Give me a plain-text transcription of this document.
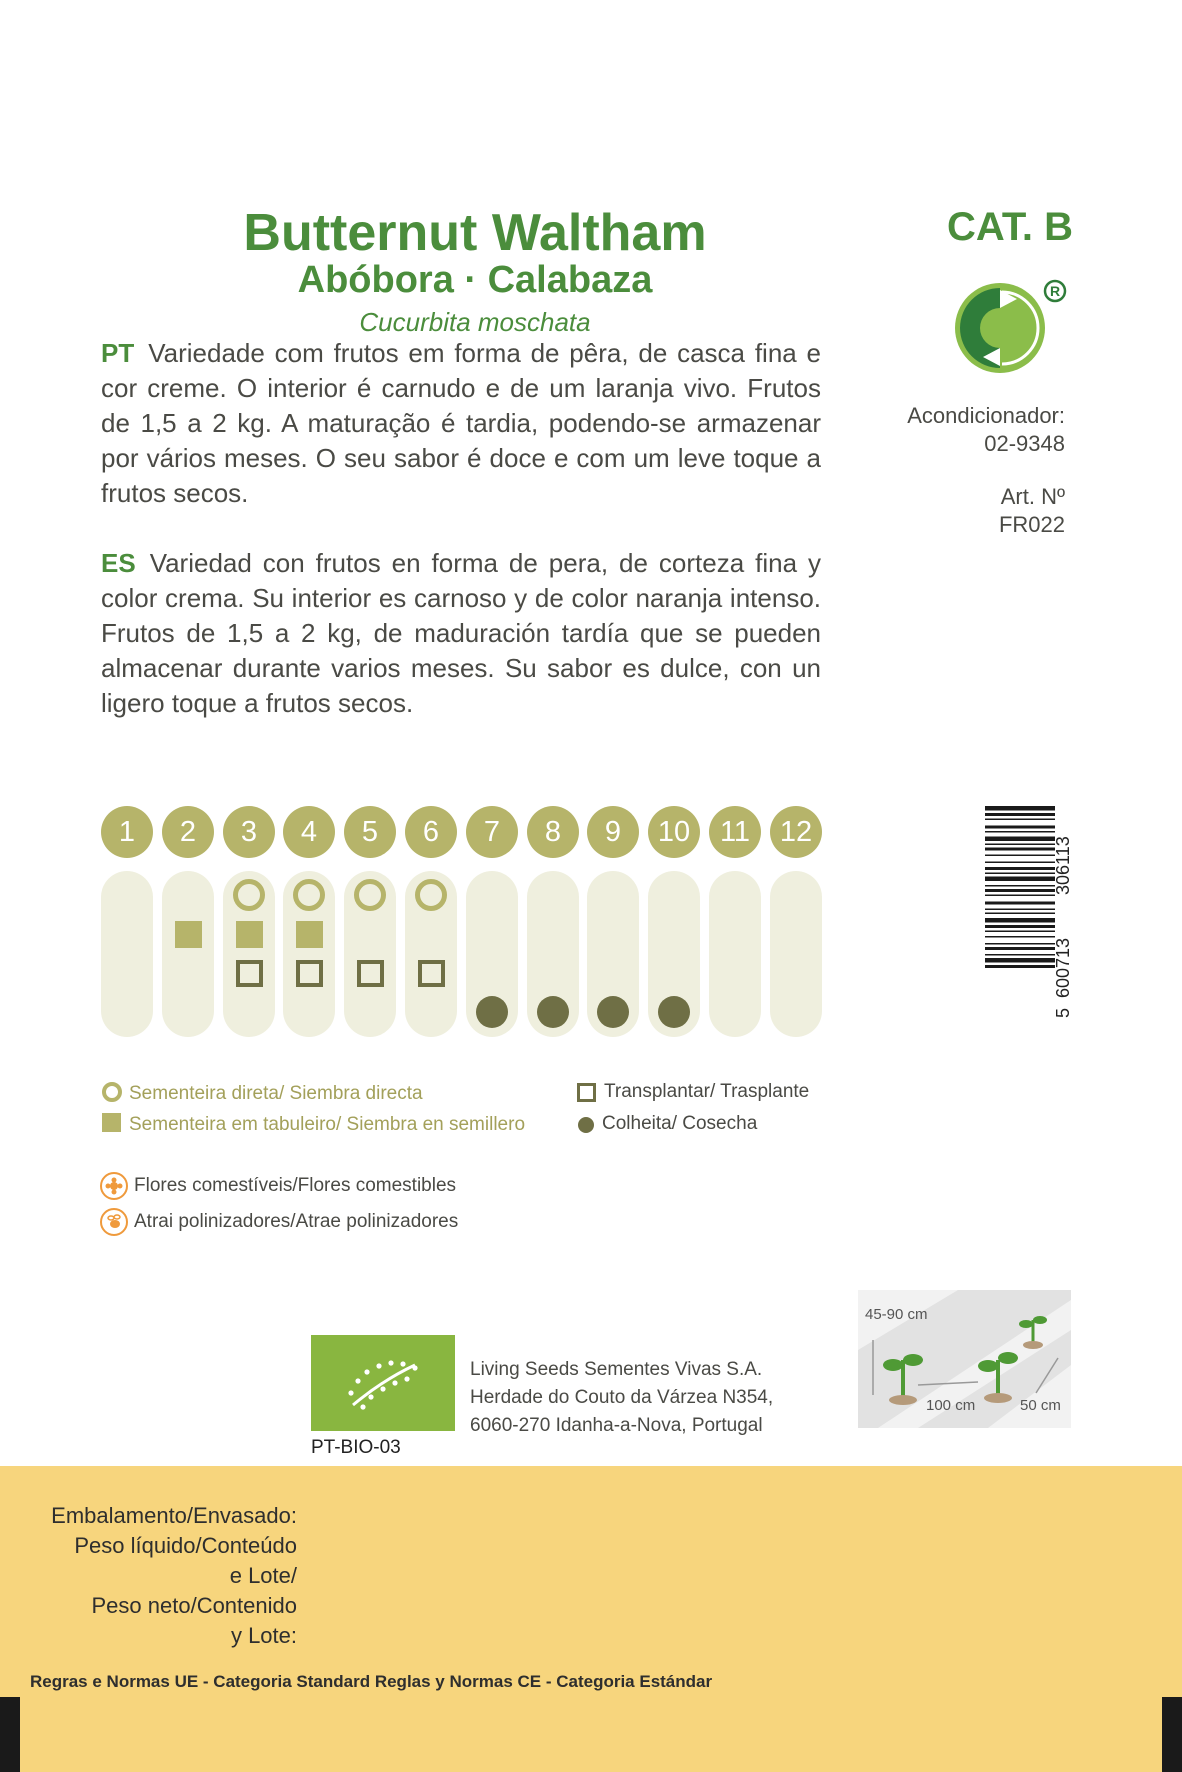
Butternut Waltham
Abóbora · Calabaza
Cucurbita moschata
CAT. B
R
PT Variedade com frutos em forma de pêra, de casca fina e cor creme. O interior é carnudo e de um laranja vivo. Frutos de 1,5 a 2 kg. A maturação é tardia, podendo-se armazenar por vários meses. O seu sabor é doce e com um leve toque a frutos secos.
ES Variedad con frutos en forma de pera, de corteza fina y color crema. Su interior es carnoso y de color naranja intenso. Frutos de 1,5 a 2 kg, de maduración tardía que se pueden almacenar durante varios meses. Su sabor es dulce, con un ligero toque a frutos secos.
Acondicionador:
02-9348
Art. Nº
FR022
1	2	3	4	5	6	7	8	9	10	11	12
Sementeira direta/ Siembra directa
Sementeira em tabuleiro/ Siembra en semillero
Transplantar/ Trasplante
Colheita/ Cosecha
Flores comestíveis/Flores comestibles
Atrai polinizadores/Atrae polinizadores
5
600713
306113
PT-BIO-03
Living Seeds Sementes Vivas S.A.
Herdade do Couto da Várzea N354,
6060-270 Idanha-a-Nova, Portugal
45-90 cm
100 cm	50 cm
Embalamento/Envasado:
Peso líquido/Conteúdo
e Lote/
Peso neto/Contenido
y Lote:
Regras e Normas UE - Categoria Standard Reglas y Normas CE - Categoria Estándar
